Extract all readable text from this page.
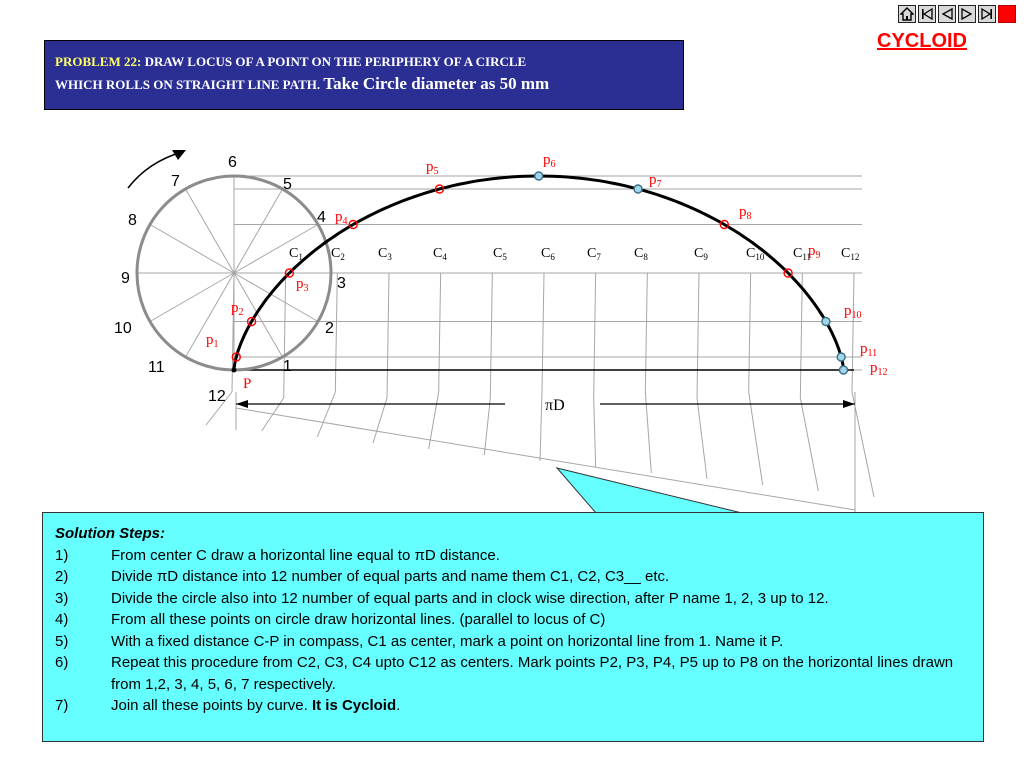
CYCLOID
PROBLEM 22: DRAW LOCUS OF A POINT ON THE PERIPHERY OF A CIRCLE
WHICH ROLLS ON STRAIGHT LINE PATH. Take Circle diameter as 50 mm
$p_1$
$p_2$
$p_3$
$p_4$
$p_5$
$p_6$
$p_7$
$p_8$
$p_9$
$p_{10}$
$p_{11}$
$p_{12}$
P
$C_1$ $C_2$ $C_3$	$C_4$	$C_5$ $C_6$ $C_7$ $C_8$	$C_9$	$C_{10}$ $C_{11}$ $C_{12}$
1
2
3
4
5
6
7
8
9
10
11
12
πD
Solution Steps:
1)	From center C draw a horizontal line equal to πD distance.
2)	Divide πD distance into 12 number of equal parts and name them C1, C2, C3__ etc.
3)	Divide the circle also into 12 number of equal parts and in clock wise direction, after P name 1, 2, 3 up to 12.
4)	From all these points on circle draw horizontal lines. (parallel to locus of C)
5)	With a fixed distance C-P in compass, C1 as center, mark a point on horizontal line from 1. Name it P.
6)	Repeat this procedure from C2, C3, C4 upto C12 as centers. Mark points P2, P3, P4, P5 up to P8 on the horizontal lines drawn from 1,2, 3, 4, 5, 6, 7 respectively.
7)	Join all these points by curve. It is Cycloid.
